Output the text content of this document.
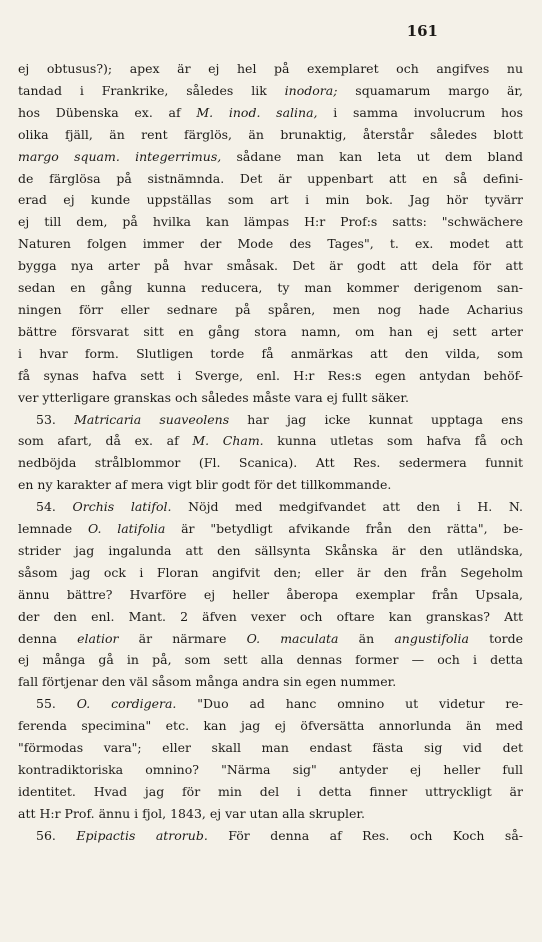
161
ej obtusus?); apex är ej hel på exemplaret och angifves nu
tandad i Frankrike, således lik inodora; squamarum margo är,
hos Dübenska ex. af M. inod. salina, i samma involucrum hos
olika fjäll, än rent färglös, än brunaktig, återstår således blott
margo squam. integerrimus, sådane man kan leta ut dem bland
de färglösa på sistnämnda. Det är uppenbart att en så defini-
erad ej kunde uppställas som art i min bok. Jag hör tyvärr
ej till dem, på hvilka kan lämpas H:r Prof:s satts: "schwächere
Naturen folgen immer der Mode des Tages", t. ex. modet att
bygga nya arter på hvar småsak. Det är godt att dela för att
sedan en gång kunna reducera, ty man kommer derigenom san-
ningen förr eller sednare på spåren, men nog hade Acharius
bättre försvarat sitt en gång stora namn, om han ej sett arter
i hvar form. Slutligen torde få anmärkas att den vilda, som
få synas hafva sett i Sverge, enl. H:r Res:s egen antydan behöf-
ver ytterligare granskas och således måste vara ej fullt säker.
53. Matricaria suaveolens har jag icke kunnat upptaga ens
som afart, då ex. af M. Cham. kunna utletas som hafva få och
nedböjda strålblommor (Fl. Scanica). Att Res. sedermera funnit
en ny karakter af mera vigt blir godt för det tillkommande.
54. Orchis latifol. Nöjd med medgifvandet att den i H. N.
lemnade O. latifolia är "betydligt afvikande från den rätta", be-
strider jag ingalunda att den sällsynta Skånska är den utländska,
såsom jag ock i Floran angifvit den; eller är den från Segeholm
ännu bättre? Hvarföre ej heller åberopa exemplar från Upsala,
der den enl. Mant. 2 äfven vexer och oftare kan granskas? Att
denna elatior är närmare O. maculata än angustifolia torde
ej många gå in på, som sett alla dennas former — och i detta
fall förtjenar den väl såsom många andra sin egen nummer.
55. O. cordigera. "Duo ad hanc omnino ut videtur re-
ferenda specimina" etc. kan jag ej öfversätta annorlunda än med
"förmodas vara"; eller skall man endast fästa sig vid det
kontradiktoriska omnino? "Närma sig" antyder ej heller full
identitet. Hvad jag för min del i detta finner uttryckligt är
att H:r Prof. ännu i fjol, 1843, ej var utan alla skrupler.
56. Epipactis atrorub. För denna af Res. och Koch så-
